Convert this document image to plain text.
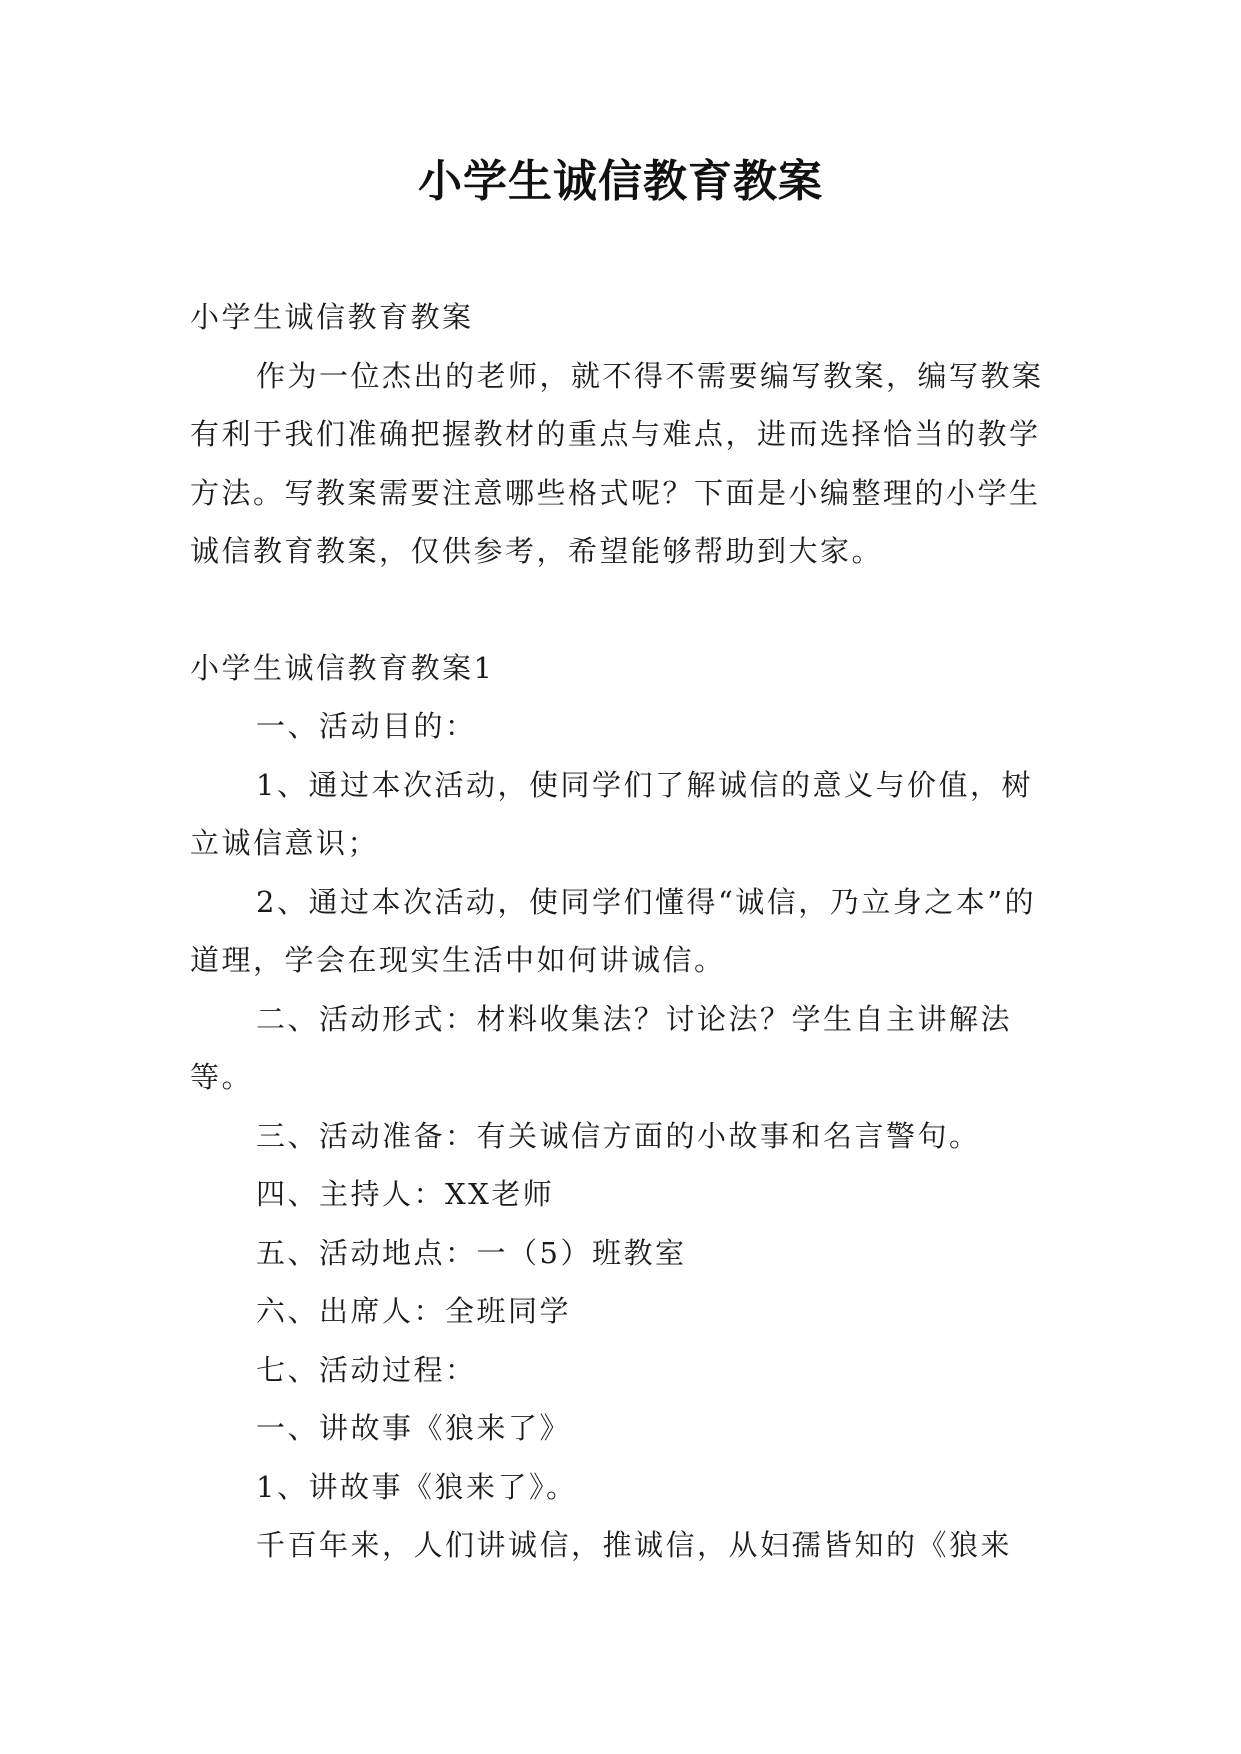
小学生诚信教育教案

小学生诚信教育教案

作为一位杰出的老师，就不得不需要编写教案，编写教案有利于我们准确把握教材的重点与难点，进而选择恰当的教学方法。写教案需要注意哪些格式呢？下面是小编整理的小学生诚信教育教案，仅供参考，希望能够帮助到大家。

小学生诚信教育教案1

一、活动目的：

1、通过本次活动，使同学们了解诚信的意义与价值，树立诚信意识；

2、通过本次活动，使同学们懂得“诚信，乃立身之本”的道理，学会在现实生活中如何讲诚信。

二、活动形式：材料收集法？讨论法？学生自主讲解法等。

三、活动准备：有关诚信方面的小故事和名言警句。

四、主持人：XX老师

五、活动地点：一（5）班教室

六、出席人：全班同学

七、活动过程：

一、讲故事《狼来了》

1、讲故事《狼来了》。

千百年来，人们讲诚信，推诚信，从妇孺皆知的《狼来
